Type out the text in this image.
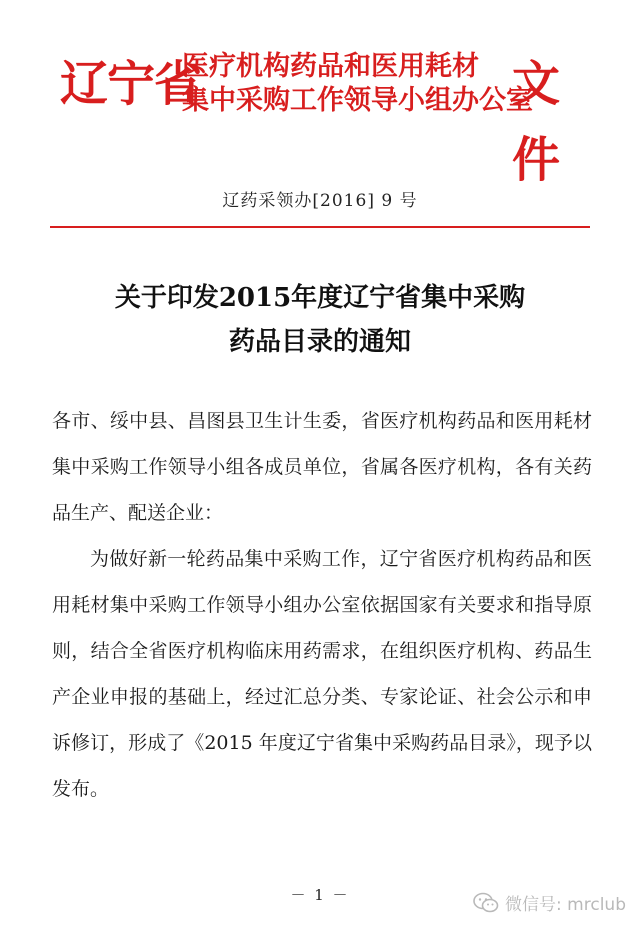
辽宁省
医疗机构药品和医用耗材
集中采购工作领导小组办公室
文件
辽药采领办[2016] 9 号
关于印发2015年度辽宁省集中采购
药品目录的通知

各市、绥中县、昌图县卫生计生委，省医疗机构药品和医用耗材集中采购工作领导小组各成员单位，省属各医疗机构，各有关药品生产、配送企业：

为做好新一轮药品集中采购工作，辽宁省医疗机构药品和医用耗材集中采购工作领导小组办公室依据国家有关要求和指导原则，结合全省医疗机构临床用药需求，在组织医疗机构、药品生产企业申报的基础上，经过汇总分类、专家论证、社会公示和申诉修订，形成了《2015 年度辽宁省集中采购药品目录》，现予以发布。

－ 1 －	微信号: mrclub
